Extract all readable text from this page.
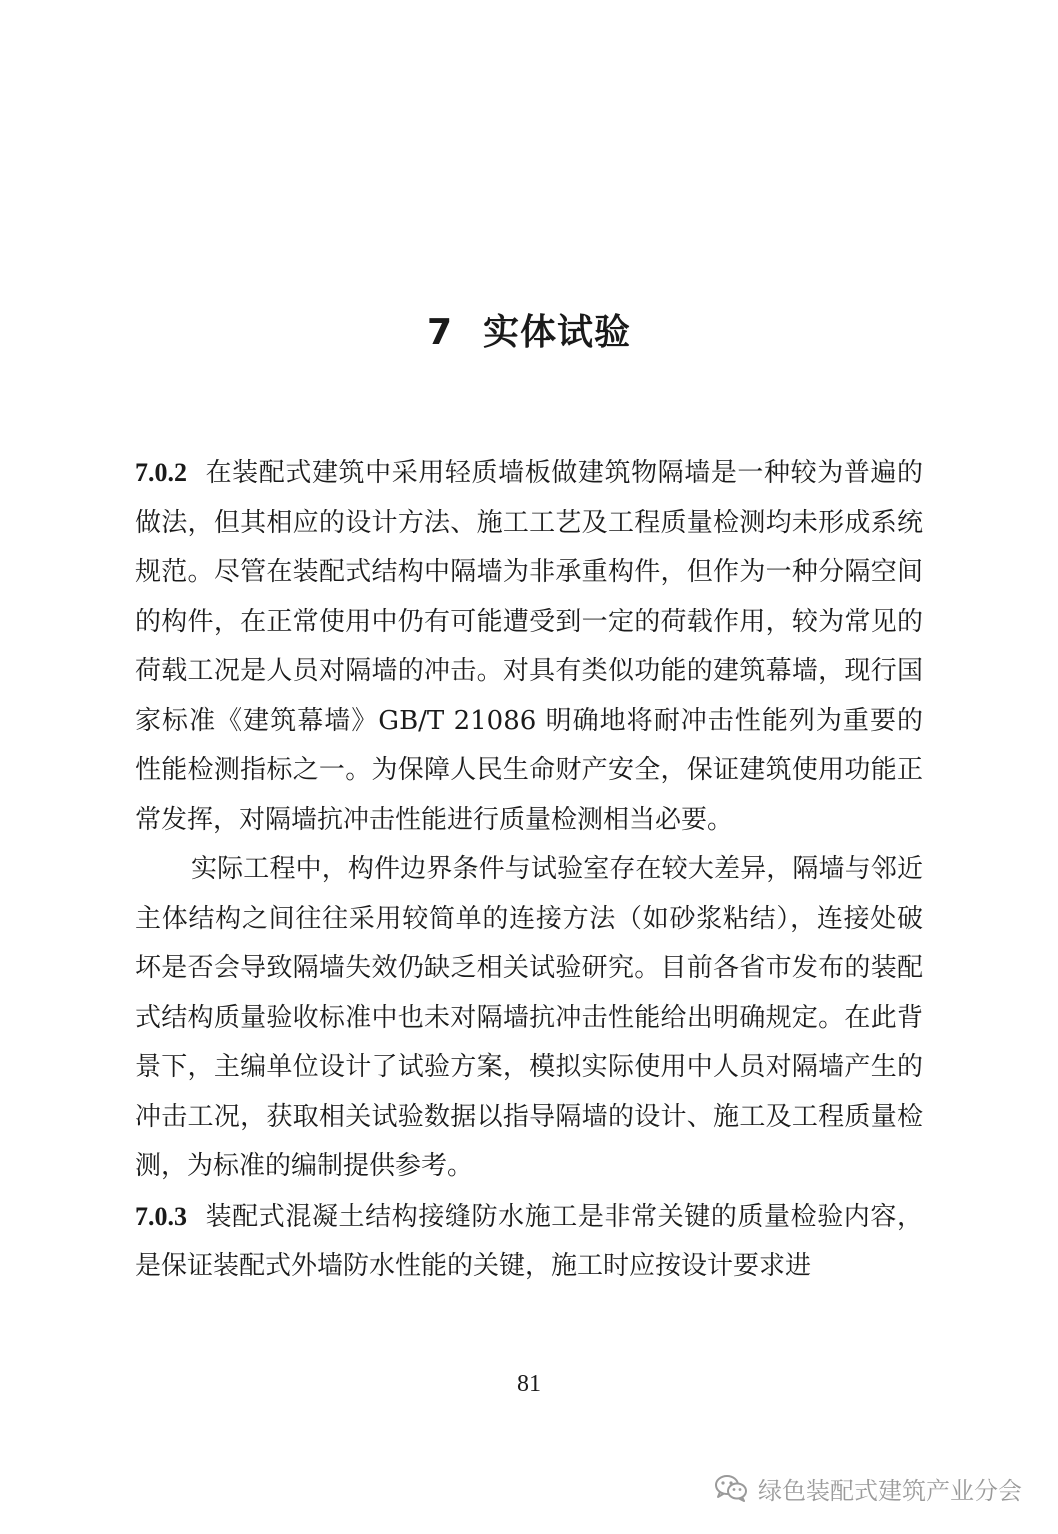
7 实体试验

7.0.2 在装配式建筑中采用轻质墙板做建筑物隔墙是一种较为普遍的做法，但其相应的设计方法、施工工艺及工程质量检测均未形成系统规范。尽管在装配式结构中隔墙为非承重构件，但作为一种分隔空间的构件，在正常使用中仍有可能遭受到一定的荷载作用，较为常见的荷载工况是人员对隔墙的冲击。对具有类似功能的建筑幕墙，现行国家标准《建筑幕墙》GB/T 21086 明确地将耐冲击性能列为重要的性能检测指标之一。为保障人民生命财产安全，保证建筑使用功能正常发挥，对隔墙抗冲击性能进行质量检测相当必要。

实际工程中，构件边界条件与试验室存在较大差异，隔墙与邻近主体结构之间往往采用较简单的连接方法（如砂浆粘结），连接处破坏是否会导致隔墙失效仍缺乏相关试验研究。目前各省市发布的装配式结构质量验收标准中也未对隔墙抗冲击性能给出明确规定。在此背景下，主编单位设计了试验方案，模拟实际使用中人员对隔墙产生的冲击工况，获取相关试验数据以指导隔墙的设计、施工及工程质量检测，为标准的编制提供参考。

7.0.3 装配式混凝土结构接缝防水施工是非常关键的质量检验内容，是保证装配式外墙防水性能的关键，施工时应按设计要求进

81
绿色装配式建筑产业分会
